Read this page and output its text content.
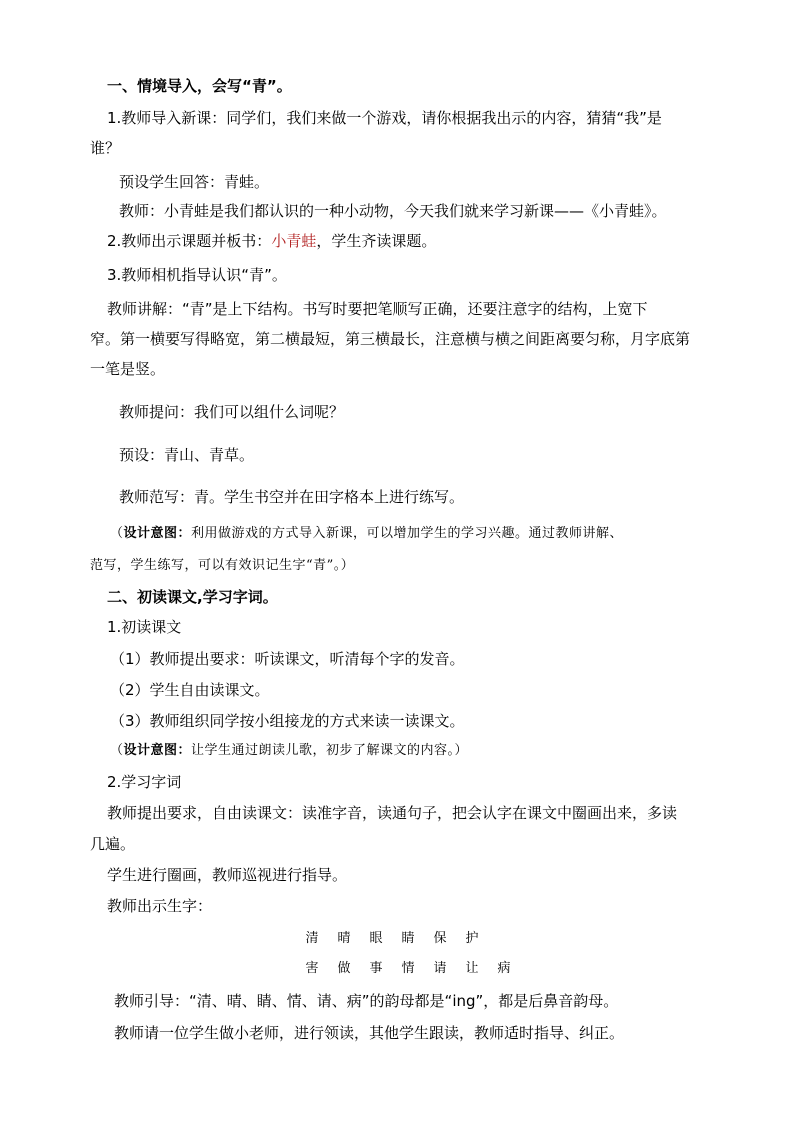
一、情境导入，会写“青”。
1.教师导入新课：同学们，我们来做一个游戏，请你根据我出示的内容，猜猜“我”是
谁？
预设学生回答：青蛙。
教师：小青蛙是我们都认识的一种小动物，今天我们就来学习新课——《小青蛙》。
2.教师出示课题并板书：小青蛙，学生齐读课题。
3.教师相机指导认识“青”。
教师讲解：“青”是上下结构。书写时要把笔顺写正确，还要注意字的结构，上宽下
窄。第一横要写得略宽，第二横最短，第三横最长，注意横与横之间距离要匀称，月字底第
一笔是竖。
教师提问：我们可以组什么词呢？
预设：青山、青草。
教师范写：青。学生书空并在田字格本上进行练写。
（设计意图：利用做游戏的方式导入新课，可以增加学生的学习兴趣。通过教师讲解、
范写，学生练写，可以有效识记生字“青”。）
二、初读课文,学习字词。
1.初读课文
（1）教师提出要求：听读课文，听清每个字的发音。
（2）学生自由读课文。
（3）教师组织同学按小组接龙的方式来读一读课文。
（设计意图：让学生通过朗读儿歌，初步了解课文的内容。）
2.学习字词
教师提出要求，自由读课文：读准字音，读通句子，把会认字在课文中圈画出来，多读
几遍。
学生进行圈画，教师巡视进行指导。
教师出示生字：
清 晴 眼 睛 保 护
害 做 事 情 请 让 病
教师引导：“清、晴、睛、情、请、病”的韵母都是“ing”，都是后鼻音韵母。
教师请一位学生做小老师，进行领读，其他学生跟读，教师适时指导、纠正。
